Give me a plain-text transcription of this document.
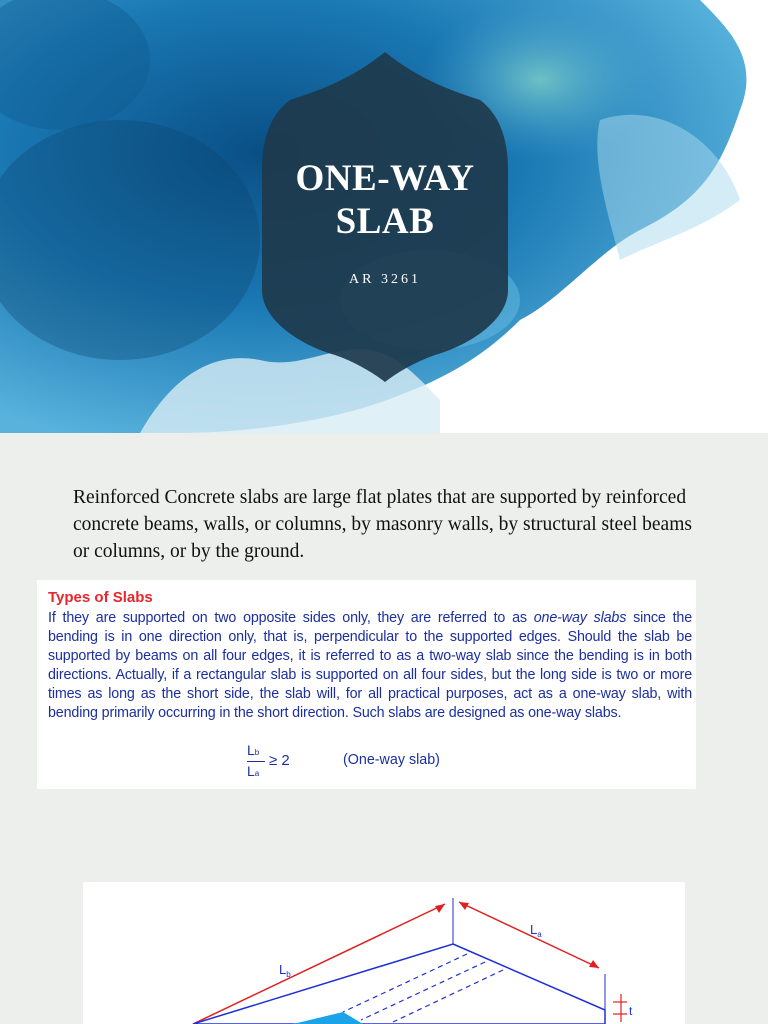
ONE-WAY SLAB
AR 3261

Reinforced Concrete slabs are large flat plates that are supported by reinforced concrete beams, walls, or columns, by masonry walls, by structural steel beams or columns, or by the ground.

Types of Slabs

If they are supported on two opposite sides only, they are referred to as one-way slabs since the bending is in one direction only, that is, perpendicular to the supported edges. Should the slab be supported by beams on all four edges, it is referred to as a two-way slab since the bending is in both directions. Actually, if a rectangular slab is supported on all four sides, but the long side is two or more times as long as the short side, the slab will, for all practical purposes, act as a one-way slab, with bending primarily occurring in the short direction. Such slabs are designed as one-way slabs.

Lb
La
≥ 2	(One-way slab)
$L_b$
$L_a$
t
